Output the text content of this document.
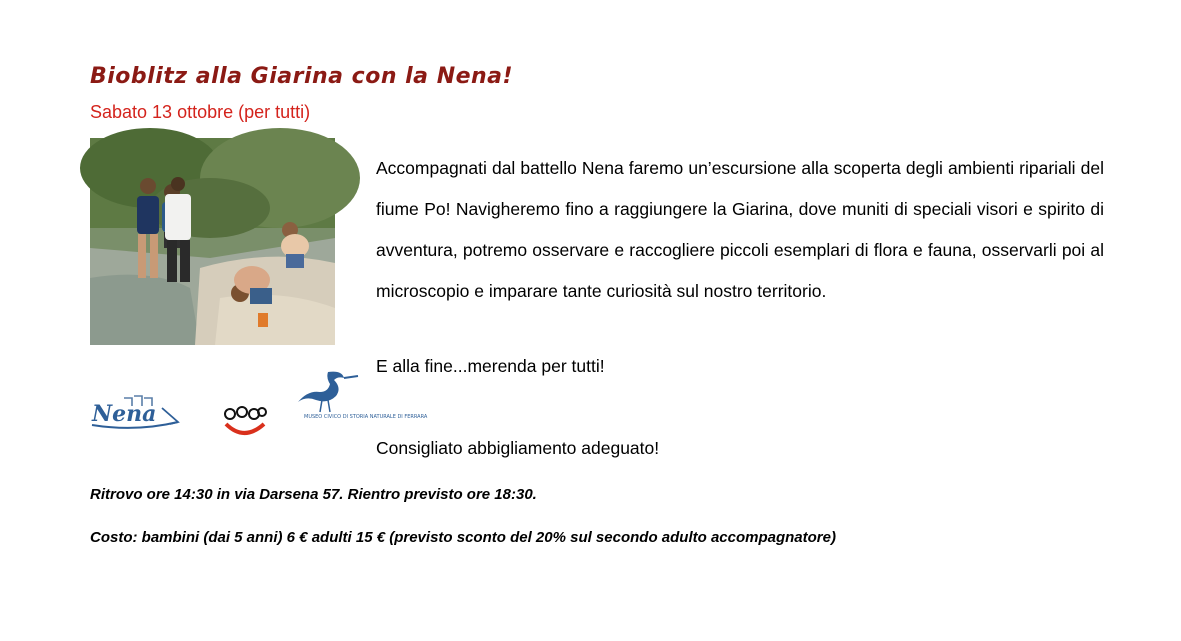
Bioblitz alla Giarina con la Nena!
Sabato 13 ottobre (per tutti)

Accompagnati dal battello Nena faremo un’escursione alla scoperta degli ambienti ripariali del fiume Po! Navigheremo fino a raggiungere la Giarina, dove muniti di speciali visori e spirito di avventura, potremo osservare e raccogliere piccoli esemplari di flora e fauna, osservarli poi al microscopio e imparare tante curiosità sul nostro territorio.

E alla fine...merenda per tutti!
Consigliato abbigliamento adeguato!
Nena	MUSEO CIVICO DI STORIA NATURALE DI FERRARA
Ritrovo ore 14:30 in via Darsena 57. Rientro previsto ore 18:30.
Costo: bambini (dai 5 anni) 6 € adulti 15 € (previsto sconto del 20% sul secondo adulto accompagnatore)
